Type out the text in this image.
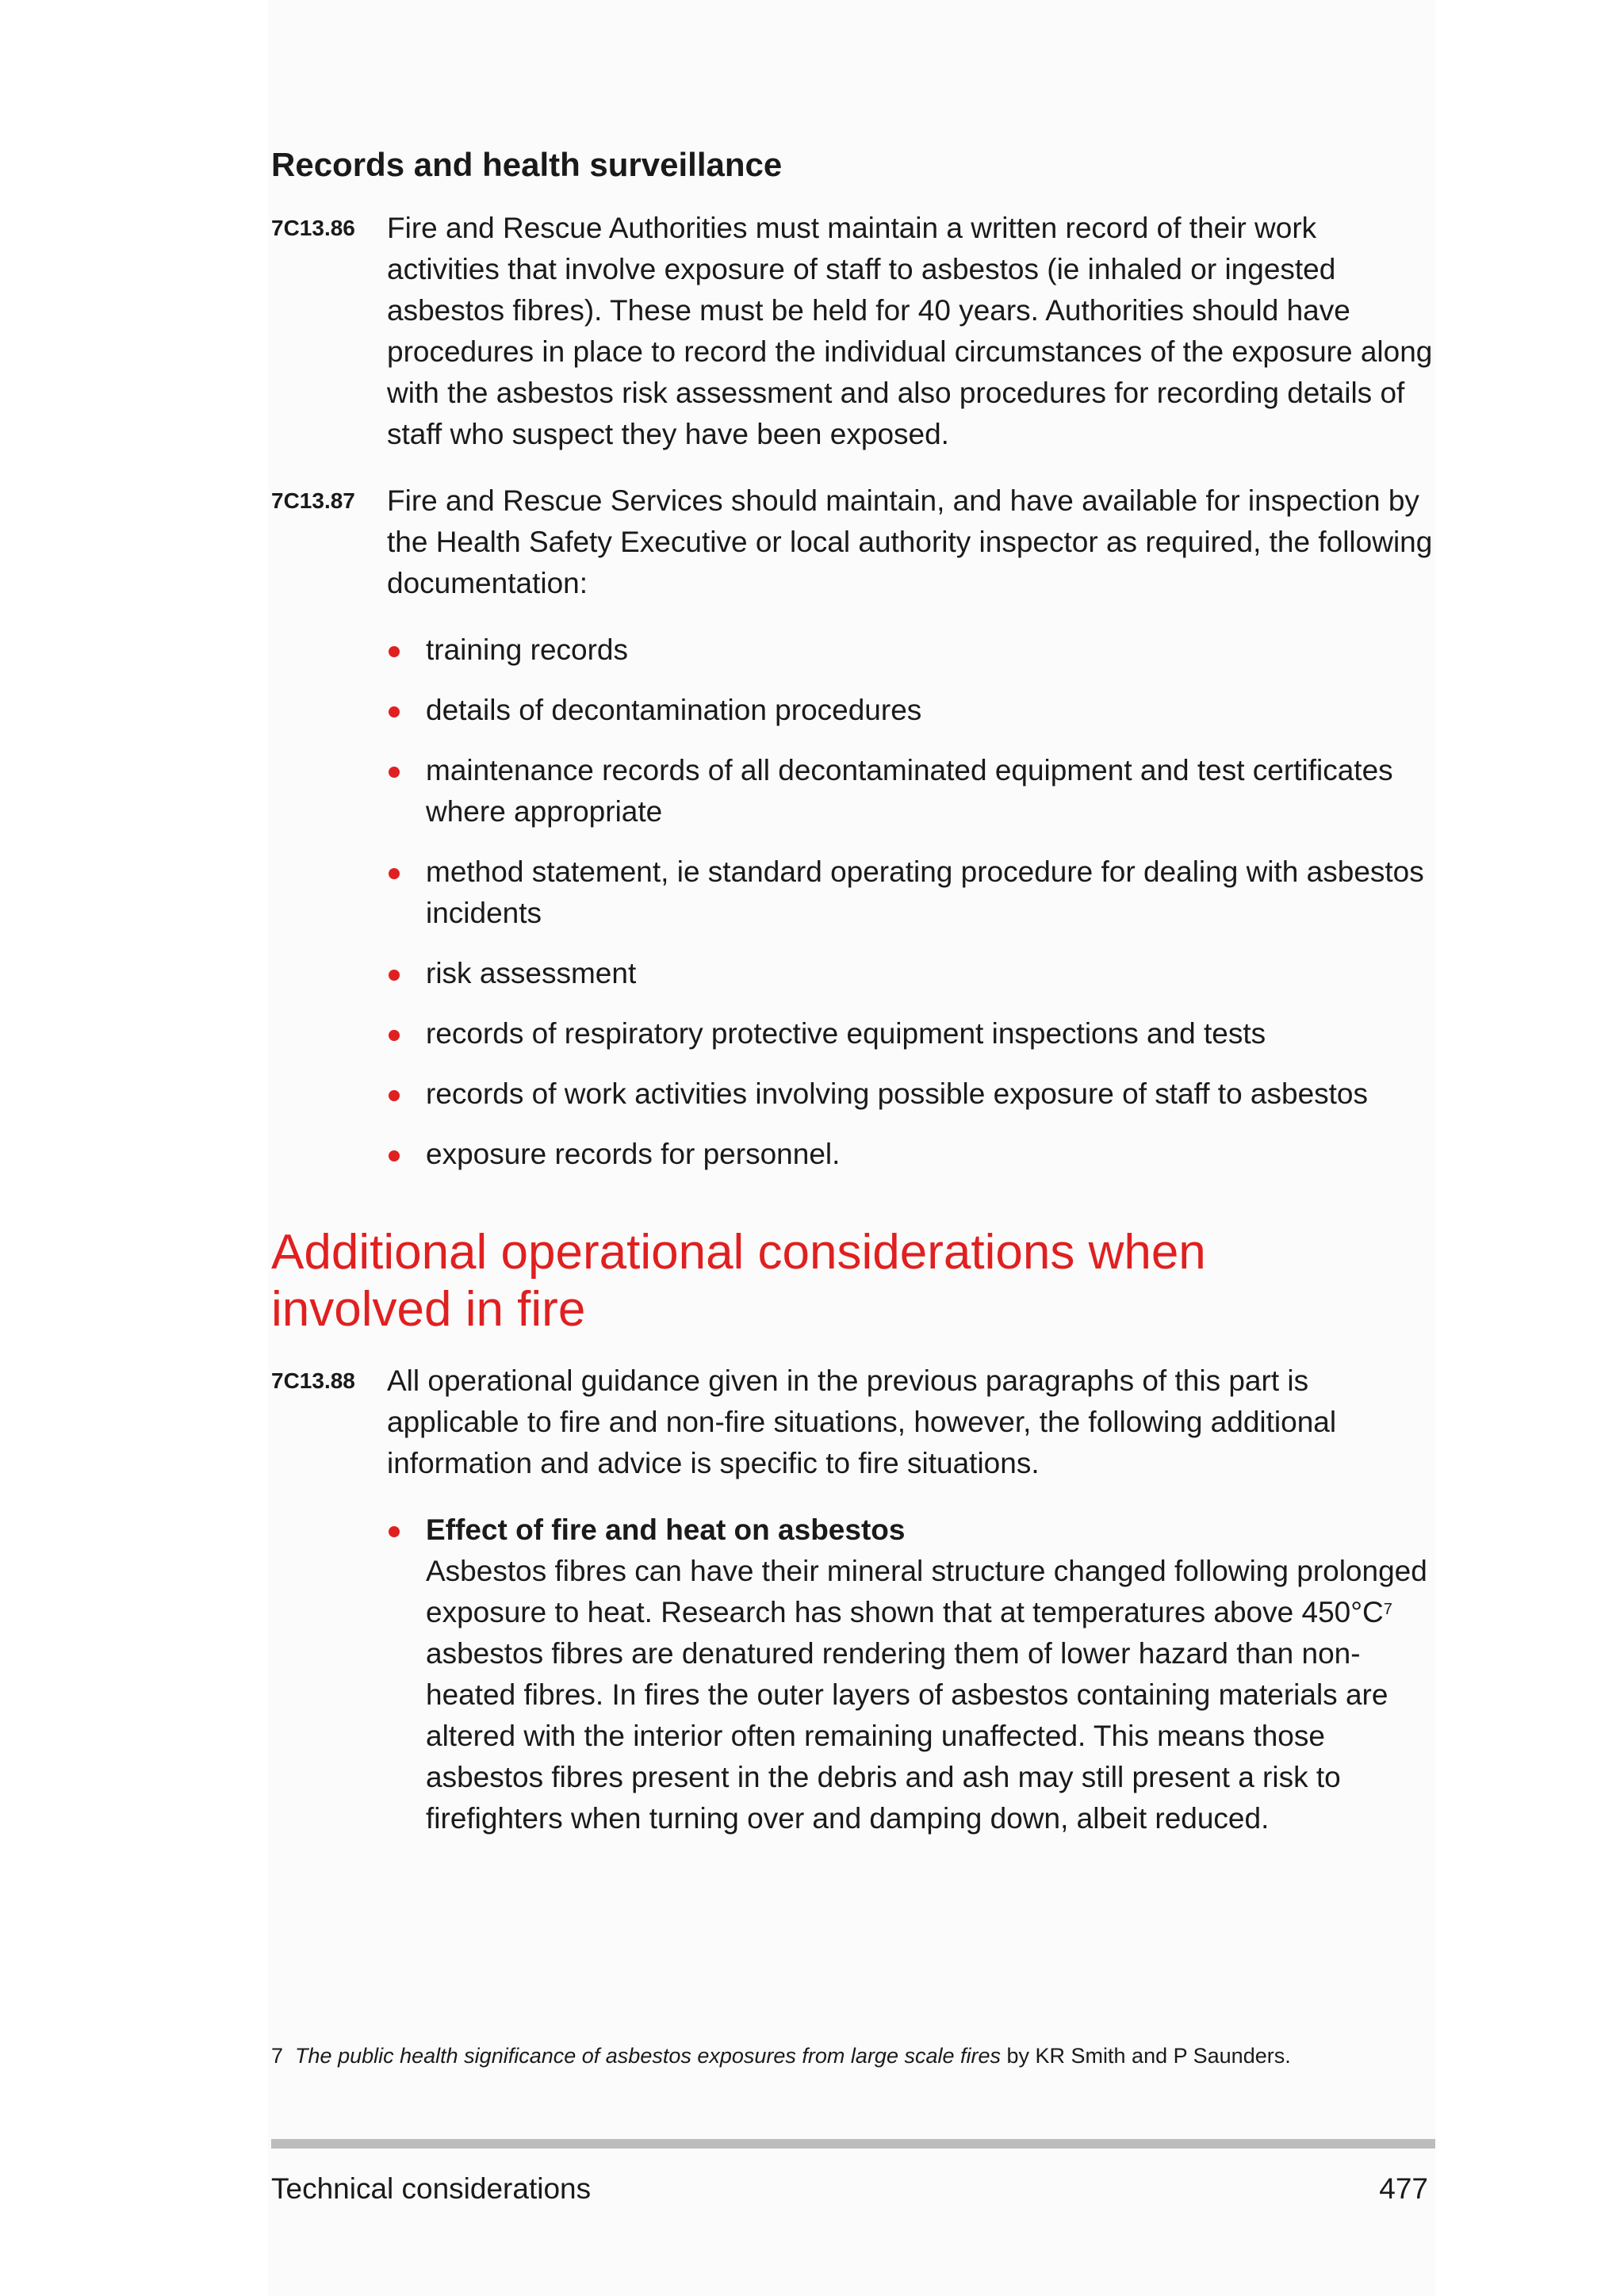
Records and health surveillance
7C13.86 Fire and Rescue Authorities must maintain a written record of their work activities that involve exposure of staff to asbestos (ie inhaled or ingested asbestos fibres). These must be held for 40 years. Authorities should have procedures in place to record the individual circumstances of the exposure along with the asbestos risk assessment and also procedures for recording details of staff who suspect they have been exposed.
7C13.87 Fire and Rescue Services should maintain, and have available for inspection by the Health Safety Executive or local authority inspector as required, the following documentation:
training records
details of decontamination procedures
maintenance records of all decontaminated equipment and test certificates where appropriate
method statement, ie standard operating procedure for dealing with asbestos incidents
risk assessment
records of respiratory protective equipment inspections and tests
records of work activities involving possible exposure of staff to asbestos
exposure records for personnel.
Additional operational considerations when involved in fire
7C13.88 All operational guidance given in the previous paragraphs of this part is applicable to fire and non-fire situations, however, the following additional information and advice is specific to fire situations.
Effect of fire and heat on asbestos
Asbestos fibres can have their mineral structure changed following prolonged exposure to heat. Research has shown that at temperatures above $450^\circ C^7$ asbestos fibres are denatured rendering them of lower hazard than non-heated fibres. In fires the outer layers of asbestos containing materials are altered with the interior often remaining unaffected. This means those asbestos fibres present in the debris and ash may still present a risk to firefighters when turning over and damping down, albeit reduced.
7 The public health significance of asbestos exposures from large scale fires by KR Smith and P Saunders.
Technical considerations	477
